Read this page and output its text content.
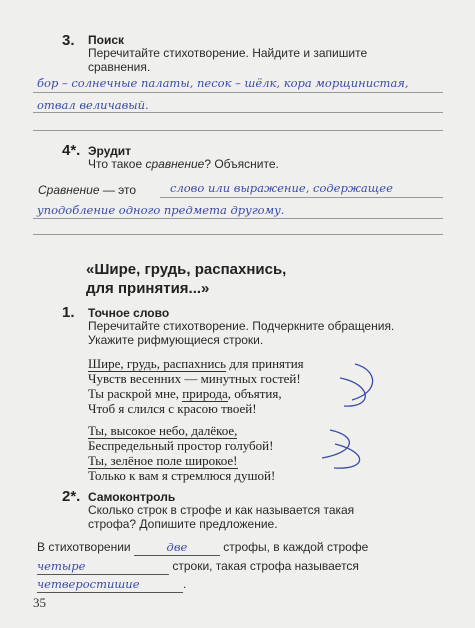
3. Поиск
Перечитайте стихотворение. Найдите и запишите
сравнения.
бор – солнечные палаты, песок – шёлк, кора морщинистая,
отвал величавый.
4*. Эрудит
Что такое сравнение? Объясните.
Сравнение — это	слово или выражение, содержащее
уподобление одного предмета другому.
«Шире, грудь, распахнись,
для принятия...»
1. Точное слово
Перечитайте стихотворение. Подчеркните обращения.
Укажите рифмующиеся строки.
Шире, грудь, распахнись для принятия
Чувств весенних — минутных гостей!
Ты раскрой мне, природа, объятия,
Чтоб я слился с красою твоей!
Ты, высокое небо, далёкое,
Беспредельный простор голубой!
Ты, зелёное поле широкое!
Только к вам я стремлюся душой!
2*. Самоконтроль
Сколько строк в строфе и как называется такая
строфа? Допишите предложение.
В стихотворении	две	строфы, в каждой строфе
четыре	строки, такая строфа называется
четверостишие	.
35
